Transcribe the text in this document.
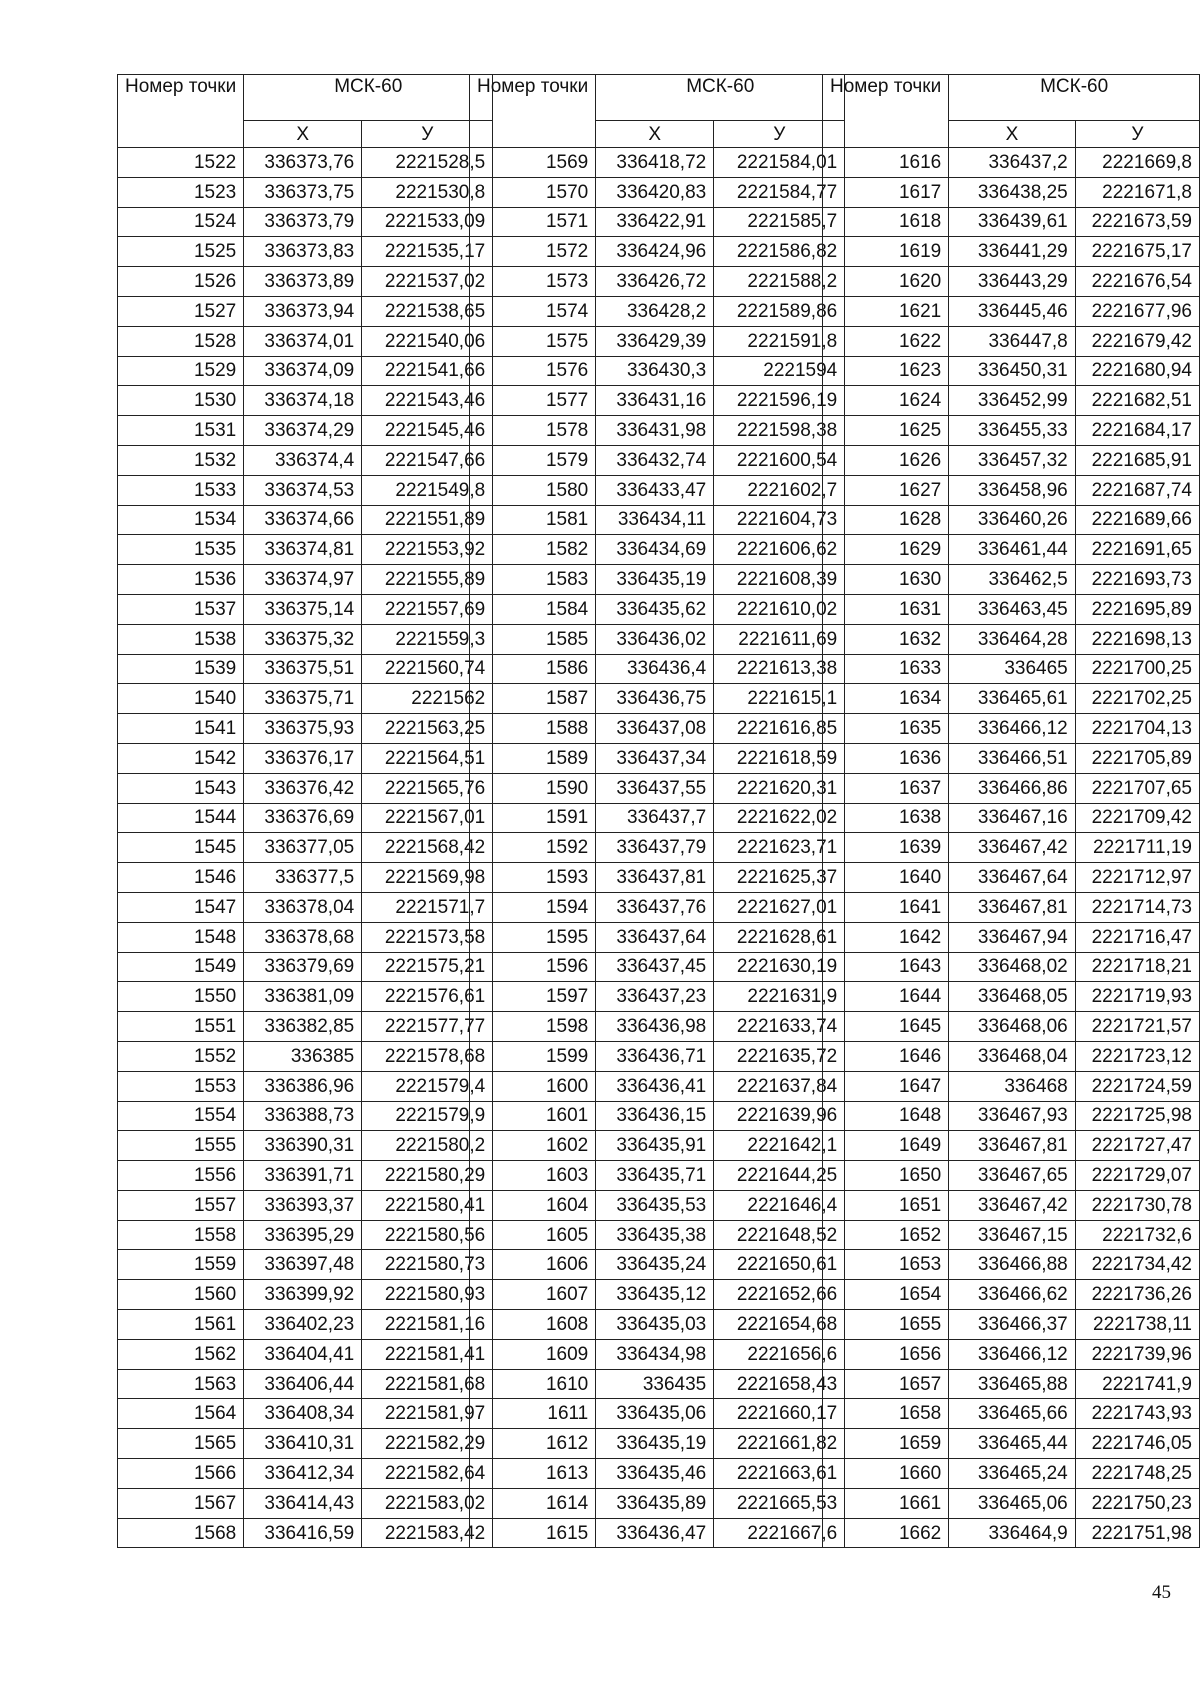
Номер точки	МСК-60	
	X	У
1522	336373,76	2221528,5
1523	336373,75	2221530,8
1524	336373,79	2221533,09
1525	336373,83	2221535,17
1526	336373,89	2221537,02
1527	336373,94	2221538,65
1528	336374,01	2221540,06
1529	336374,09	2221541,66
1530	336374,18	2221543,46
1531	336374,29	2221545,46
1532	336374,4	2221547,66
1533	336374,53	2221549,8
1534	336374,66	2221551,89
1535	336374,81	2221553,92
1536	336374,97	2221555,89
1537	336375,14	2221557,69
1538	336375,32	2221559,3
1539	336375,51	2221560,74
1540	336375,71	2221562
1541	336375,93	2221563,25
1542	336376,17	2221564,51
1543	336376,42	2221565,76
1544	336376,69	2221567,01
1545	336377,05	2221568,42
1546	336377,5	2221569,98
1547	336378,04	2221571,7
1548	336378,68	2221573,58
1549	336379,69	2221575,21
1550	336381,09	2221576,61
1551	336382,85	2221577,77
1552	336385	2221578,68
1553	336386,96	2221579,4
1554	336388,73	2221579,9
1555	336390,31	2221580,2
1556	336391,71	2221580,29
1557	336393,37	2221580,41
1558	336395,29	2221580,56
1559	336397,48	2221580,73
1560	336399,92	2221580,93
1561	336402,23	2221581,16
1562	336404,41	2221581,41
1563	336406,44	2221581,68
1564	336408,34	2221581,97
1565	336410,31	2221582,29
1566	336412,34	2221582,64
1567	336414,43	2221583,02
1568	336416,59	2221583,42
Номер точки	МСК-60	
	X	У
1569	336418,72	2221584,01
1570	336420,83	2221584,77
1571	336422,91	2221585,7
1572	336424,96	2221586,82
1573	336426,72	2221588,2
1574	336428,2	2221589,86
1575	336429,39	2221591,8
1576	336430,3	2221594
1577	336431,16	2221596,19
1578	336431,98	2221598,38
1579	336432,74	2221600,54
1580	336433,47	2221602,7
1581	336434,11	2221604,73
1582	336434,69	2221606,62
1583	336435,19	2221608,39
1584	336435,62	2221610,02
1585	336436,02	2221611,69
1586	336436,4	2221613,38
1587	336436,75	2221615,1
1588	336437,08	2221616,85
1589	336437,34	2221618,59
1590	336437,55	2221620,31
1591	336437,7	2221622,02
1592	336437,79	2221623,71
1593	336437,81	2221625,37
1594	336437,76	2221627,01
1595	336437,64	2221628,61
1596	336437,45	2221630,19
1597	336437,23	2221631,9
1598	336436,98	2221633,74
1599	336436,71	2221635,72
1600	336436,41	2221637,84
1601	336436,15	2221639,96
1602	336435,91	2221642,1
1603	336435,71	2221644,25
1604	336435,53	2221646,4
1605	336435,38	2221648,52
1606	336435,24	2221650,61
1607	336435,12	2221652,66
1608	336435,03	2221654,68
1609	336434,98	2221656,6
1610	336435	2221658,43
1611	336435,06	2221660,17
1612	336435,19	2221661,82
1613	336435,46	2221663,61
1614	336435,89	2221665,53
1615	336436,47	2221667,6
Номер точки	МСК-60	
	X	У
1616	336437,2	2221669,8
1617	336438,25	2221671,8
1618	336439,61	2221673,59
1619	336441,29	2221675,17
1620	336443,29	2221676,54
1621	336445,46	2221677,96
1622	336447,8	2221679,42
1623	336450,31	2221680,94
1624	336452,99	2221682,51
1625	336455,33	2221684,17
1626	336457,32	2221685,91
1627	336458,96	2221687,74
1628	336460,26	2221689,66
1629	336461,44	2221691,65
1630	336462,5	2221693,73
1631	336463,45	2221695,89
1632	336464,28	2221698,13
1633	336465	2221700,25
1634	336465,61	2221702,25
1635	336466,12	2221704,13
1636	336466,51	2221705,89
1637	336466,86	2221707,65
1638	336467,16	2221709,42
1639	336467,42	2221711,19
1640	336467,64	2221712,97
1641	336467,81	2221714,73
1642	336467,94	2221716,47
1643	336468,02	2221718,21
1644	336468,05	2221719,93
1645	336468,06	2221721,57
1646	336468,04	2221723,12
1647	336468	2221724,59
1648	336467,93	2221725,98
1649	336467,81	2221727,47
1650	336467,65	2221729,07
1651	336467,42	2221730,78
1652	336467,15	2221732,6
1653	336466,88	2221734,42
1654	336466,62	2221736,26
1655	336466,37	2221738,11
1656	336466,12	2221739,96
1657	336465,88	2221741,9
1658	336465,66	2221743,93
1659	336465,44	2221746,05
1660	336465,24	2221748,25
1661	336465,06	2221750,23
1662	336464,9	2221751,98
45
